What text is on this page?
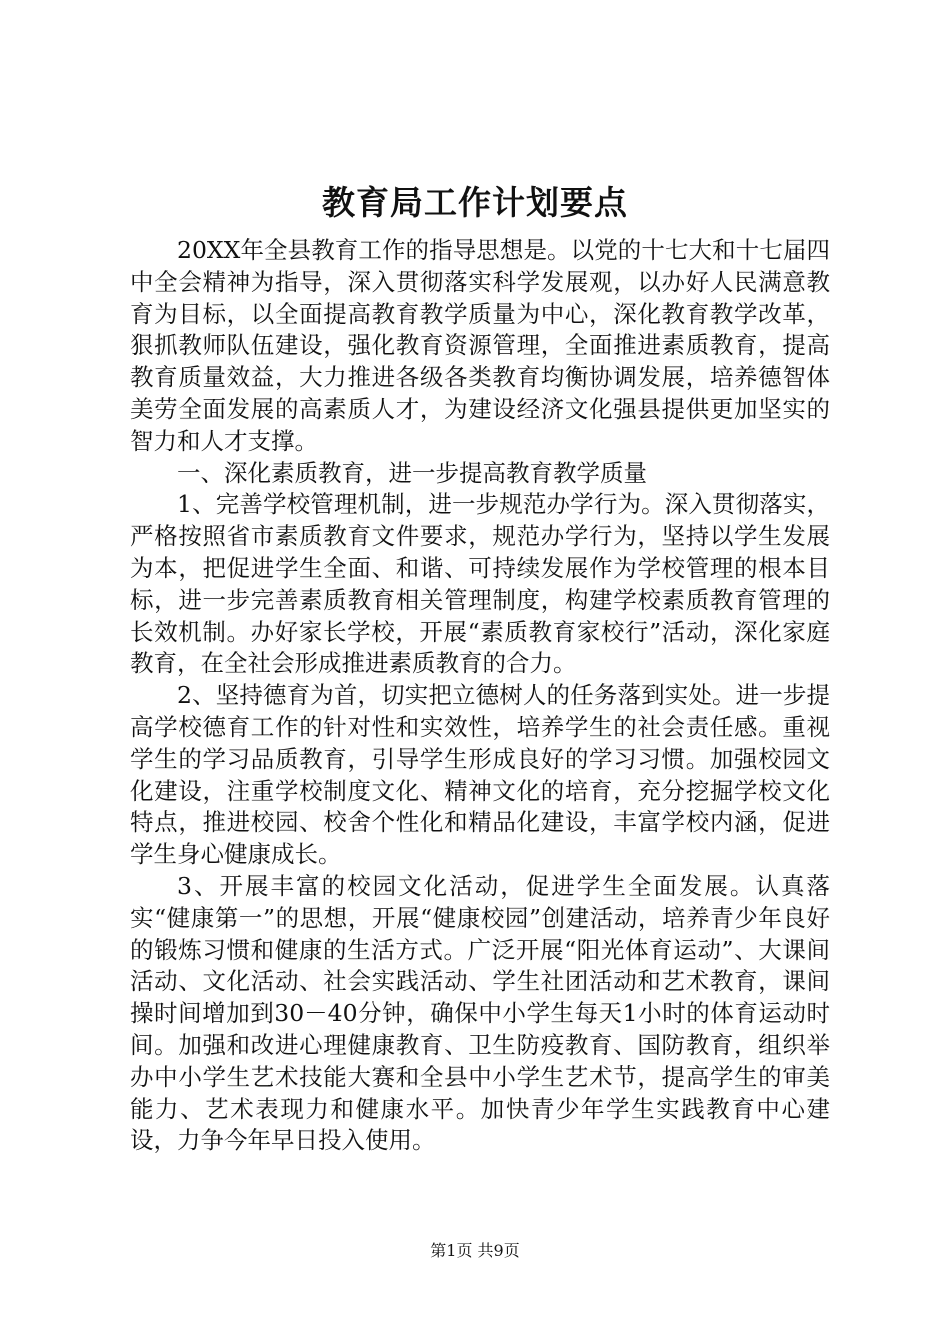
教育局工作计划要点

20XX年全县教育工作的指导思想是。以党的十七大和十七届四中全会精神为指导，深入贯彻落实科学发展观，以办好人民满意教育为目标，以全面提高教育教学质量为中心，深化教育教学改革，狠抓教师队伍建设，强化教育资源管理，全面推进素质教育，提高教育质量效益，大力推进各级各类教育均衡协调发展，培养德智体美劳全面发展的高素质人才，为建设经济文化强县提供更加坚实的智力和人才支撑。

一、深化素质教育，进一步提高教育教学质量

1、完善学校管理机制，进一步规范办学行为。深入贯彻落实，严格按照省市素质教育文件要求，规范办学行为，坚持以学生发展为本，把促进学生全面、和谐、可持续发展作为学校管理的根本目标，进一步完善素质教育相关管理制度，构建学校素质教育管理的长效机制。办好家长学校，开展“素质教育家校行”活动，深化家庭教育，在全社会形成推进素质教育的合力。

2、坚持德育为首，切实把立德树人的任务落到实处。进一步提高学校德育工作的针对性和实效性，培养学生的社会责任感。重视学生的学习品质教育，引导学生形成良好的学习习惯。加强校园文化建设，注重学校制度文化、精神文化的培育，充分挖掘学校文化特点，推进校园、校舍个性化和精品化建设，丰富学校内涵，促进学生身心健康成长。

3、开展丰富的校园文化活动，促进学生全面发展。认真落实“健康第一”的思想，开展“健康校园”创建活动，培养青少年良好的锻炼习惯和健康的生活方式。广泛开展“阳光体育运动”、大课间活动、文化活动、社会实践活动、学生社团活动和艺术教育，课间操时间增加到30－40分钟，确保中小学生每天1小时的体育运动时间。加强和改进心理健康教育、卫生防疫教育、国防教育，组织举办中小学生艺术技能大赛和全县中小学生艺术节，提高学生的审美能力、艺术表现力和健康水平。加快青少年学生实践教育中心建设，力争今年早日投入使用。

第1页 共9页
